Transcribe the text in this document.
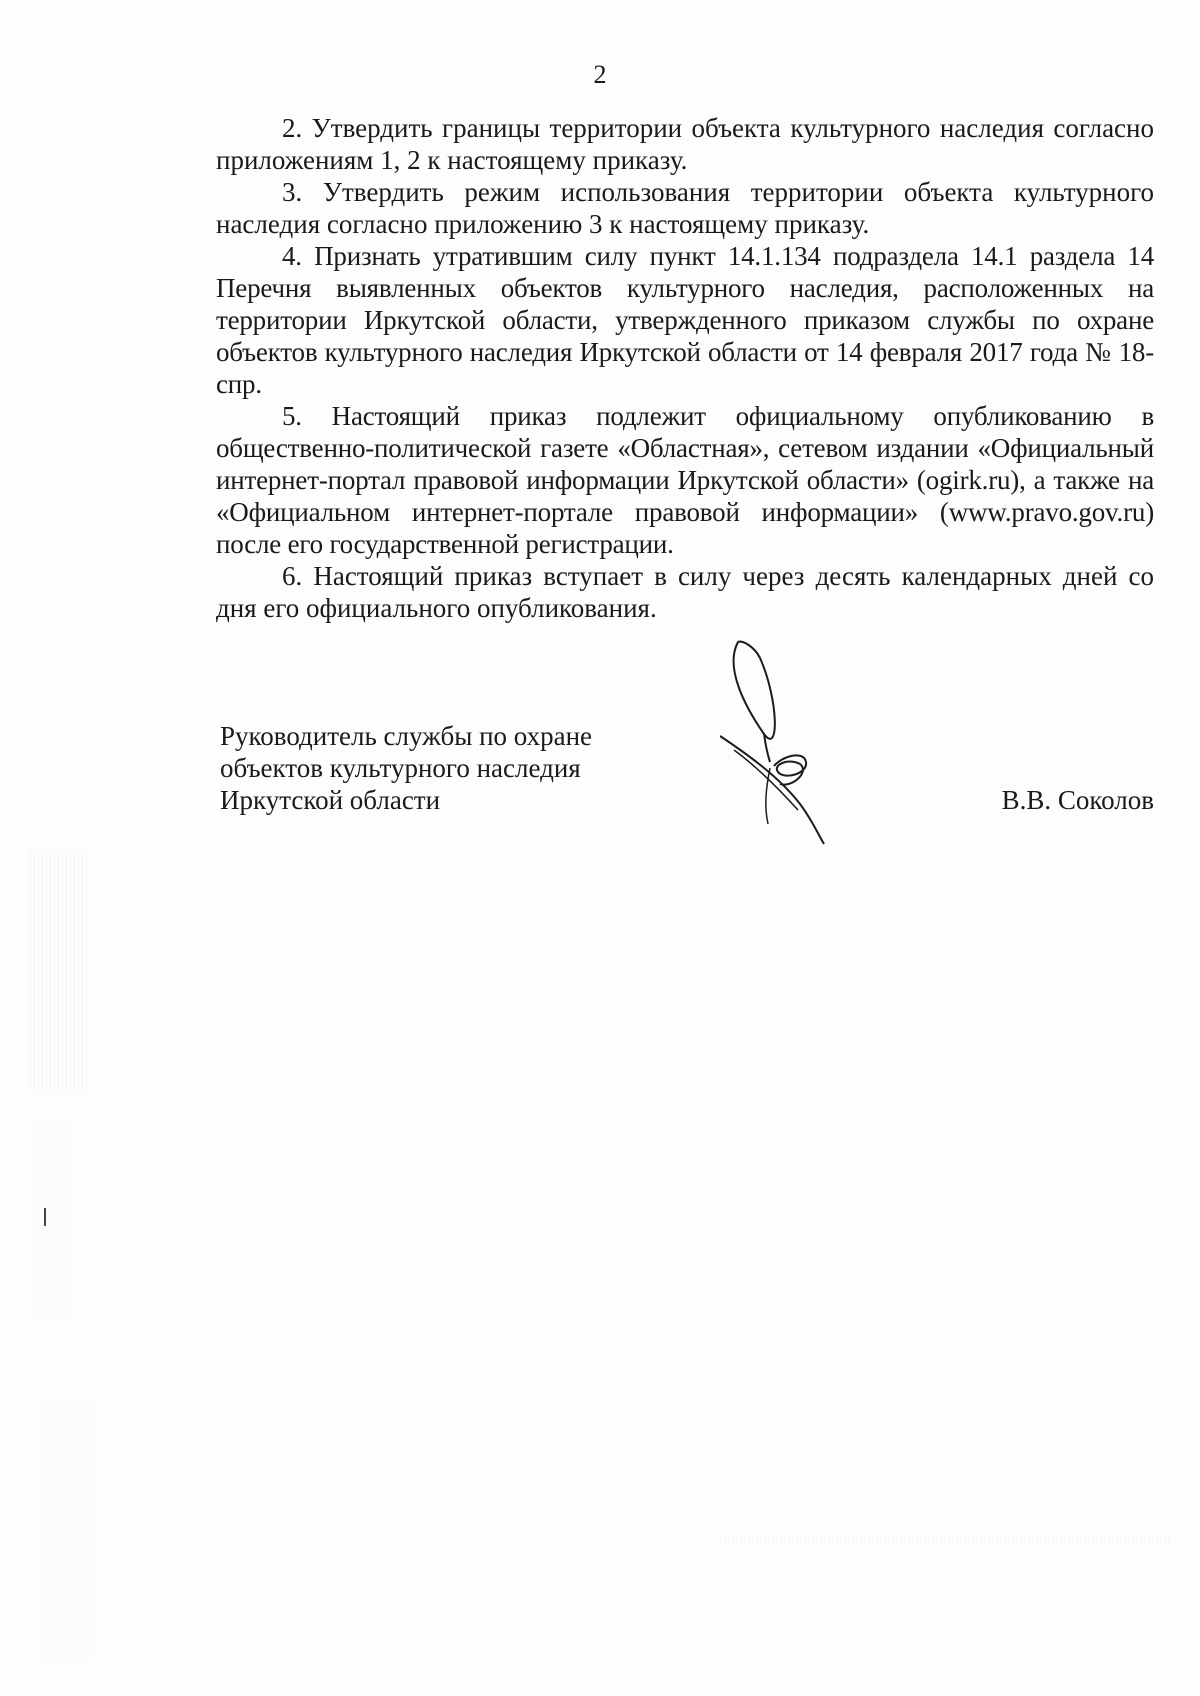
2

2. Утвердить границы территории объекта культурного наследия согласно приложениям 1, 2 к настоящему приказу.

3. Утвердить режим использования территории объекта культурного наследия согласно приложению 3 к настоящему приказу.

4. Признать утратившим силу пункт 14.1.134 подраздела 14.1 раздела 14 Перечня выявленных объектов культурного наследия, расположенных на территории Иркутской области, утвержденного приказом службы по охране объектов культурного наследия Иркутской области от 14 февраля 2017 года № 18-спр.

5. Настоящий приказ подлежит официальному опубликованию в общественно-политической газете «Областная», сетевом издании «Официальный интернет-портал правовой информации Иркутской области» (ogirk.ru), а также на «Официальном интернет-портале правовой информации» (www.pravo.gov.ru) после его государственной регистрации.

6. Настоящий приказ вступает в силу через десять календарных дней со дня его официального опубликования.

Руководитель службы по охране
объектов культурного наследия
Иркутской области	В.В. Соколов
